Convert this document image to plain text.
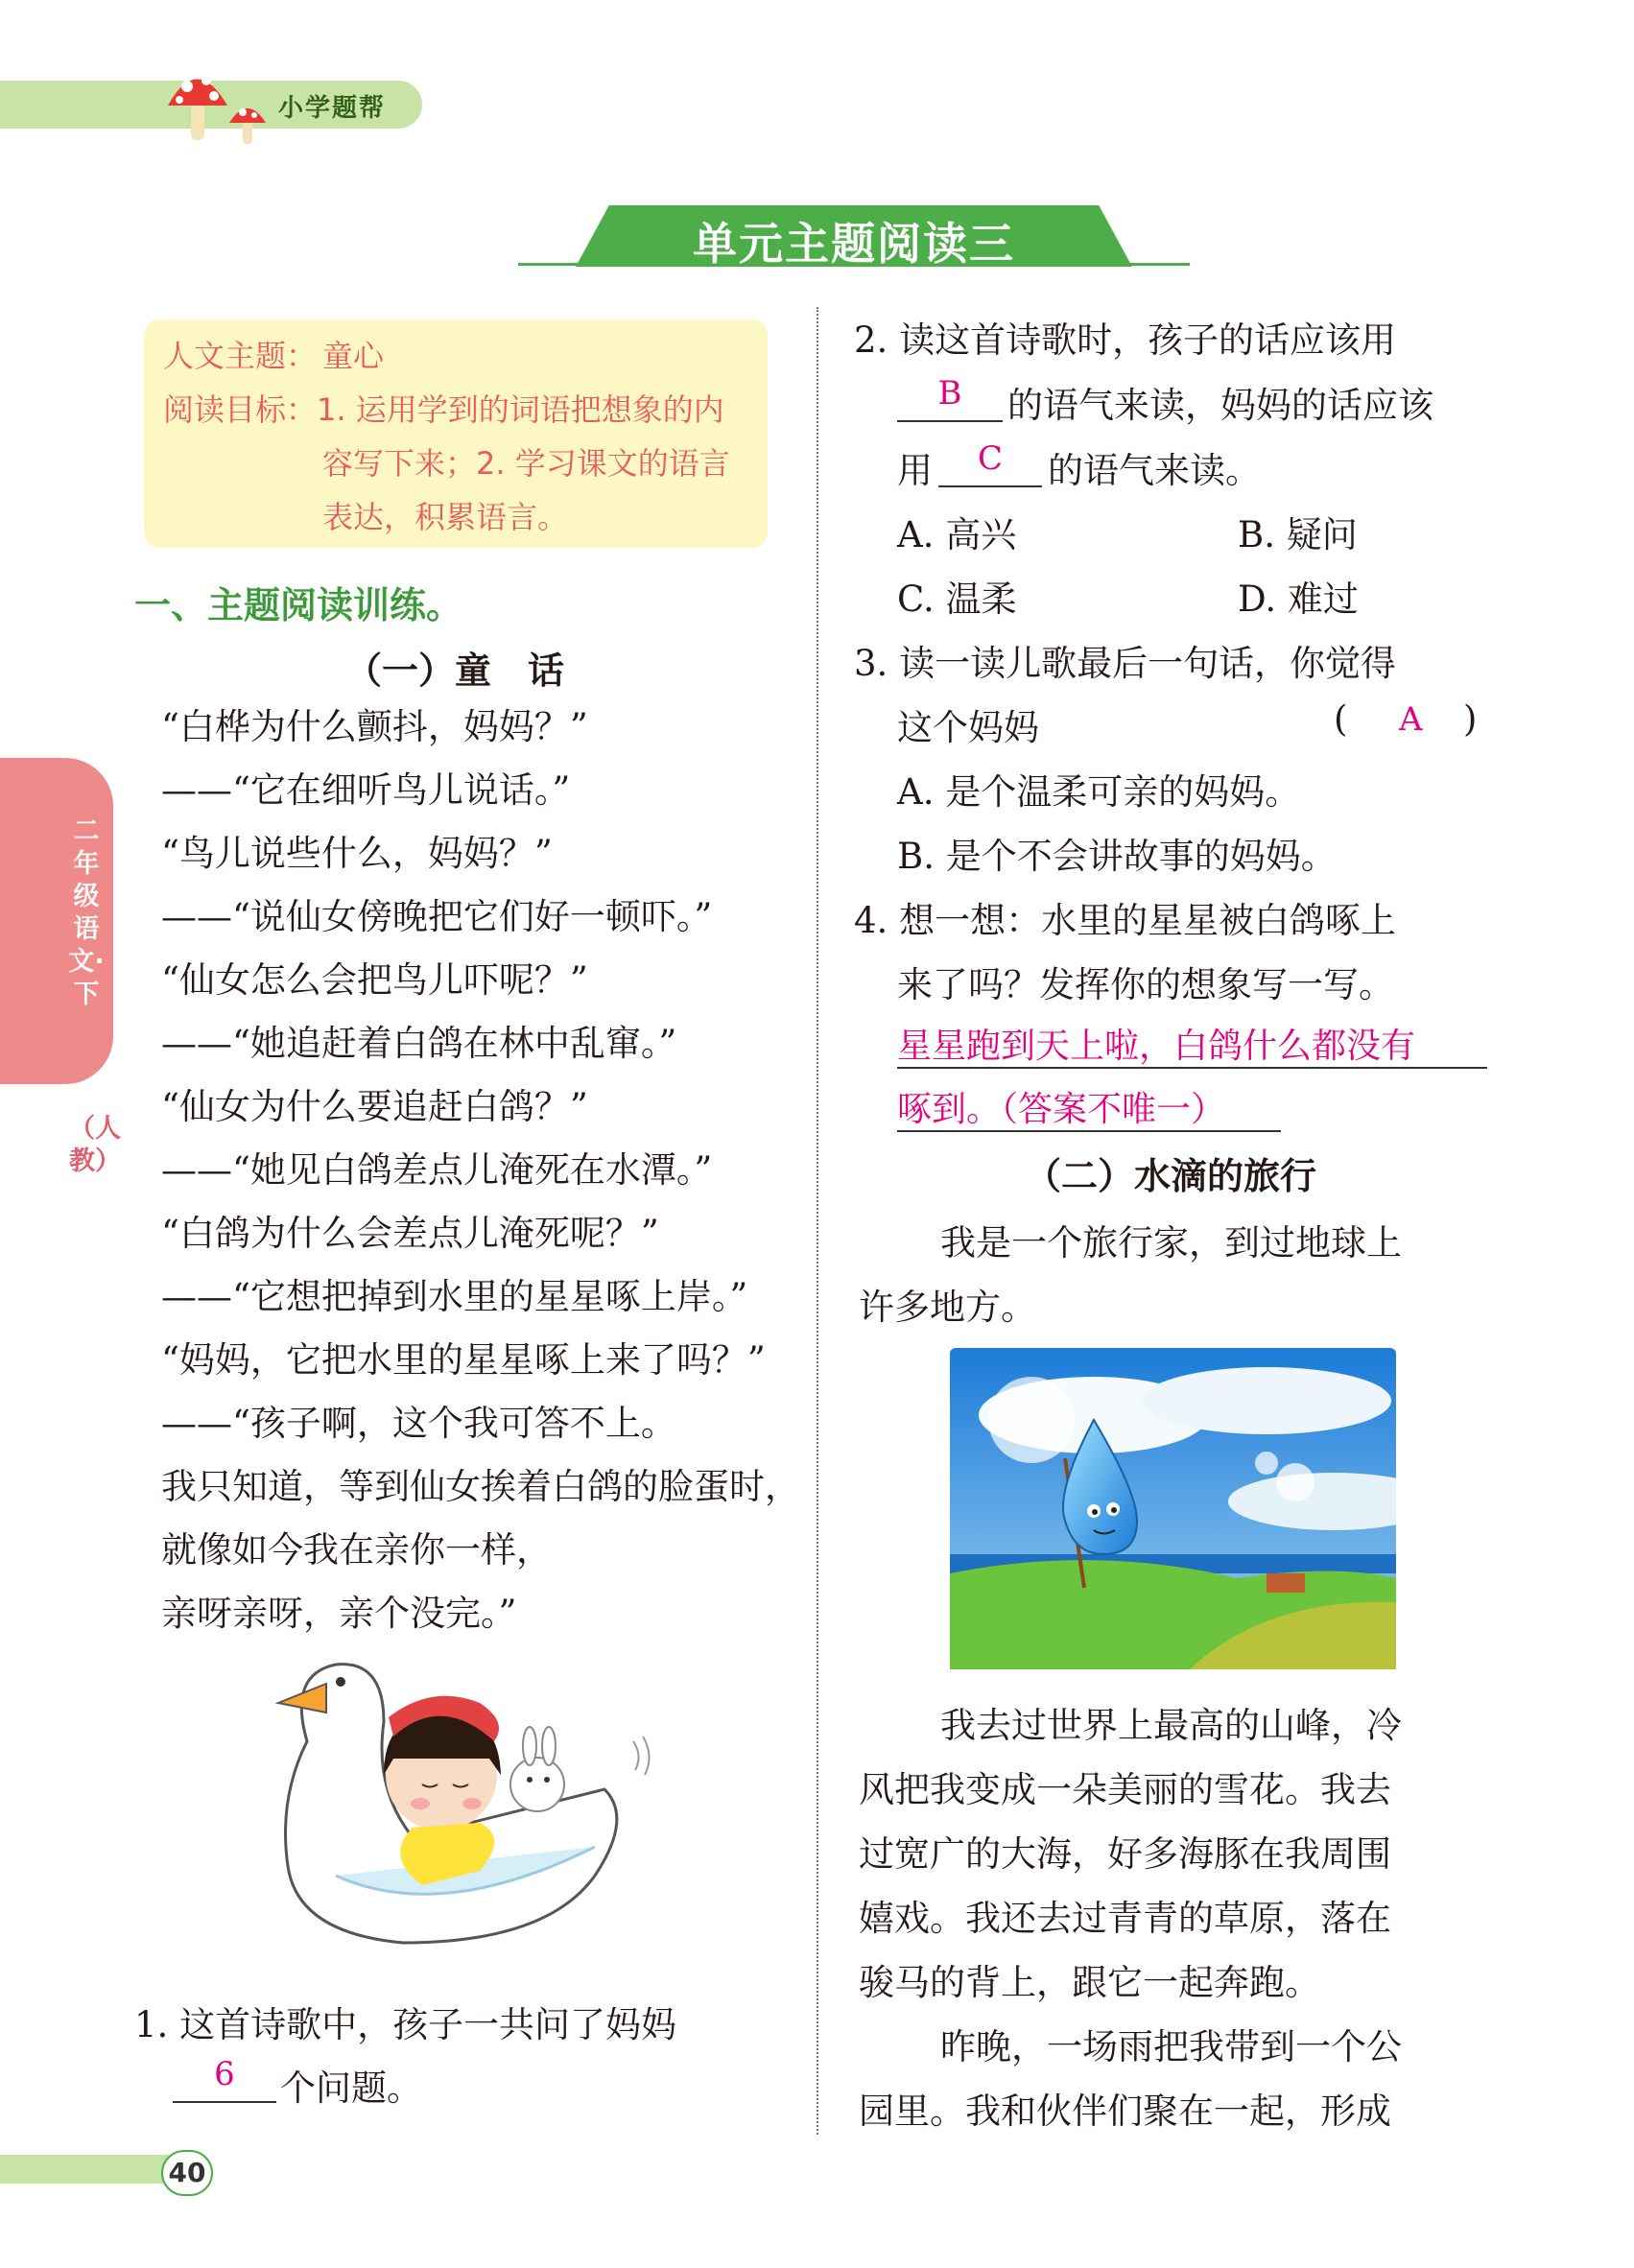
小学题帮
单元主题阅读三
二年级语文·下
（人教）
人文主题： 童心
阅读目标： 1. 运用学到的词语把想象的内
容写下来；2. 学习课文的语言
表达，积累语言。
一、主题阅读训练。
（一）童　话
“白桦为什么颤抖，妈妈？”
——“它在细听鸟儿说话。”
“鸟儿说些什么，妈妈？”
——“说仙女傍晚把它们好一顿吓。”
“仙女怎么会把鸟儿吓呢？”
——“她追赶着白鸽在林中乱窜。”
“仙女为什么要追赶白鸽？”
——“她见白鸽差点儿淹死在水潭。”
“白鸽为什么会差点儿淹死呢？”
——“它想把掉到水里的星星啄上岸。”
“妈妈，它把水里的星星啄上来了吗？”
——“孩子啊，这个我可答不上。
我只知道，等到仙女挨着白鸽的脸蛋时，
就像如今我在亲你一样，
亲呀亲呀，亲个没完。”
1. 这首诗歌中，孩子一共问了妈妈
6	个问题。
2. 读这首诗歌时，孩子的话应该用
B	的语气来读，妈妈的话应该
用	C	的语气来读。
A. 高兴	B. 疑问
C. 温柔	D. 难过
3. 读一读儿歌最后一句话，你觉得
这个妈妈	( A )
A. 是个温柔可亲的妈妈。
B. 是个不会讲故事的妈妈。
4. 想一想：水里的星星被白鸽啄上
来了吗？发挥你的想象写一写。
星星跑到天上啦，白鸽什么都没有
啄到。（答案不唯一）
（二）水滴的旅行
我是一个旅行家，到过地球上
许多地方。
我去过世界上最高的山峰，冷
风把我变成一朵美丽的雪花。我去
过宽广的大海，好多海豚在我周围
嬉戏。我还去过青青的草原，落在
骏马的背上，跟它一起奔跑。
昨晚，一场雨把我带到一个公
园里。我和伙伴们聚在一起，形成
40
